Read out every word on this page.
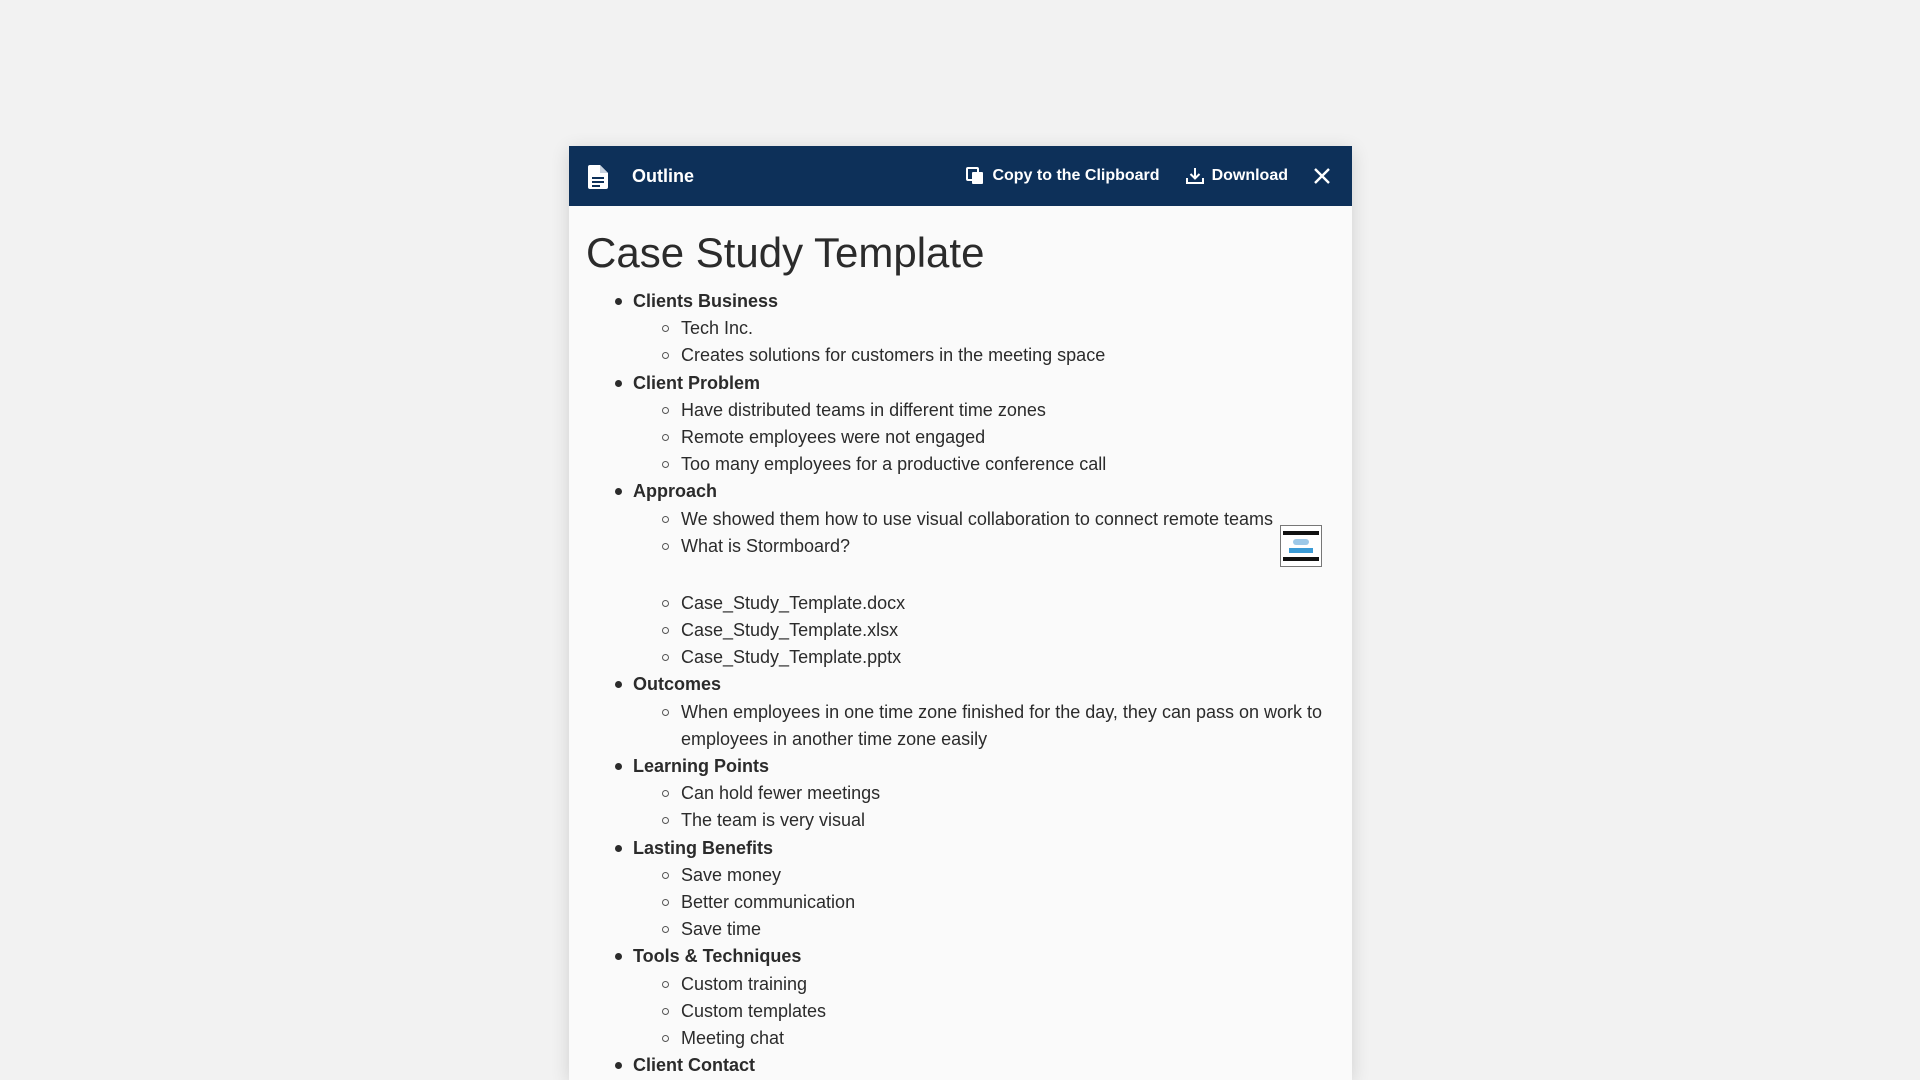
Outline	Copy to the Clipboard	Download
Case Study Template
Clients Business
Tech Inc.
Creates solutions for customers in the meeting space
Client Problem
Have distributed teams in different time zones
Remote employees were not engaged
Too many employees for a productive conference call
Approach
We showed them how to use visual collaboration to connect remote teams
What is Stormboard?
Case_Study_Template.docx
Case_Study_Template.xlsx
Case_Study_Template.pptx
Outcomes
When employees in one time zone finished for the day, they can pass on work to employees in another time zone easily
Learning Points
Can hold fewer meetings
The team is very visual
Lasting Benefits
Save money
Better communication
Save time
Tools & Techniques
Custom training
Custom templates
Meeting chat
Client Contact
